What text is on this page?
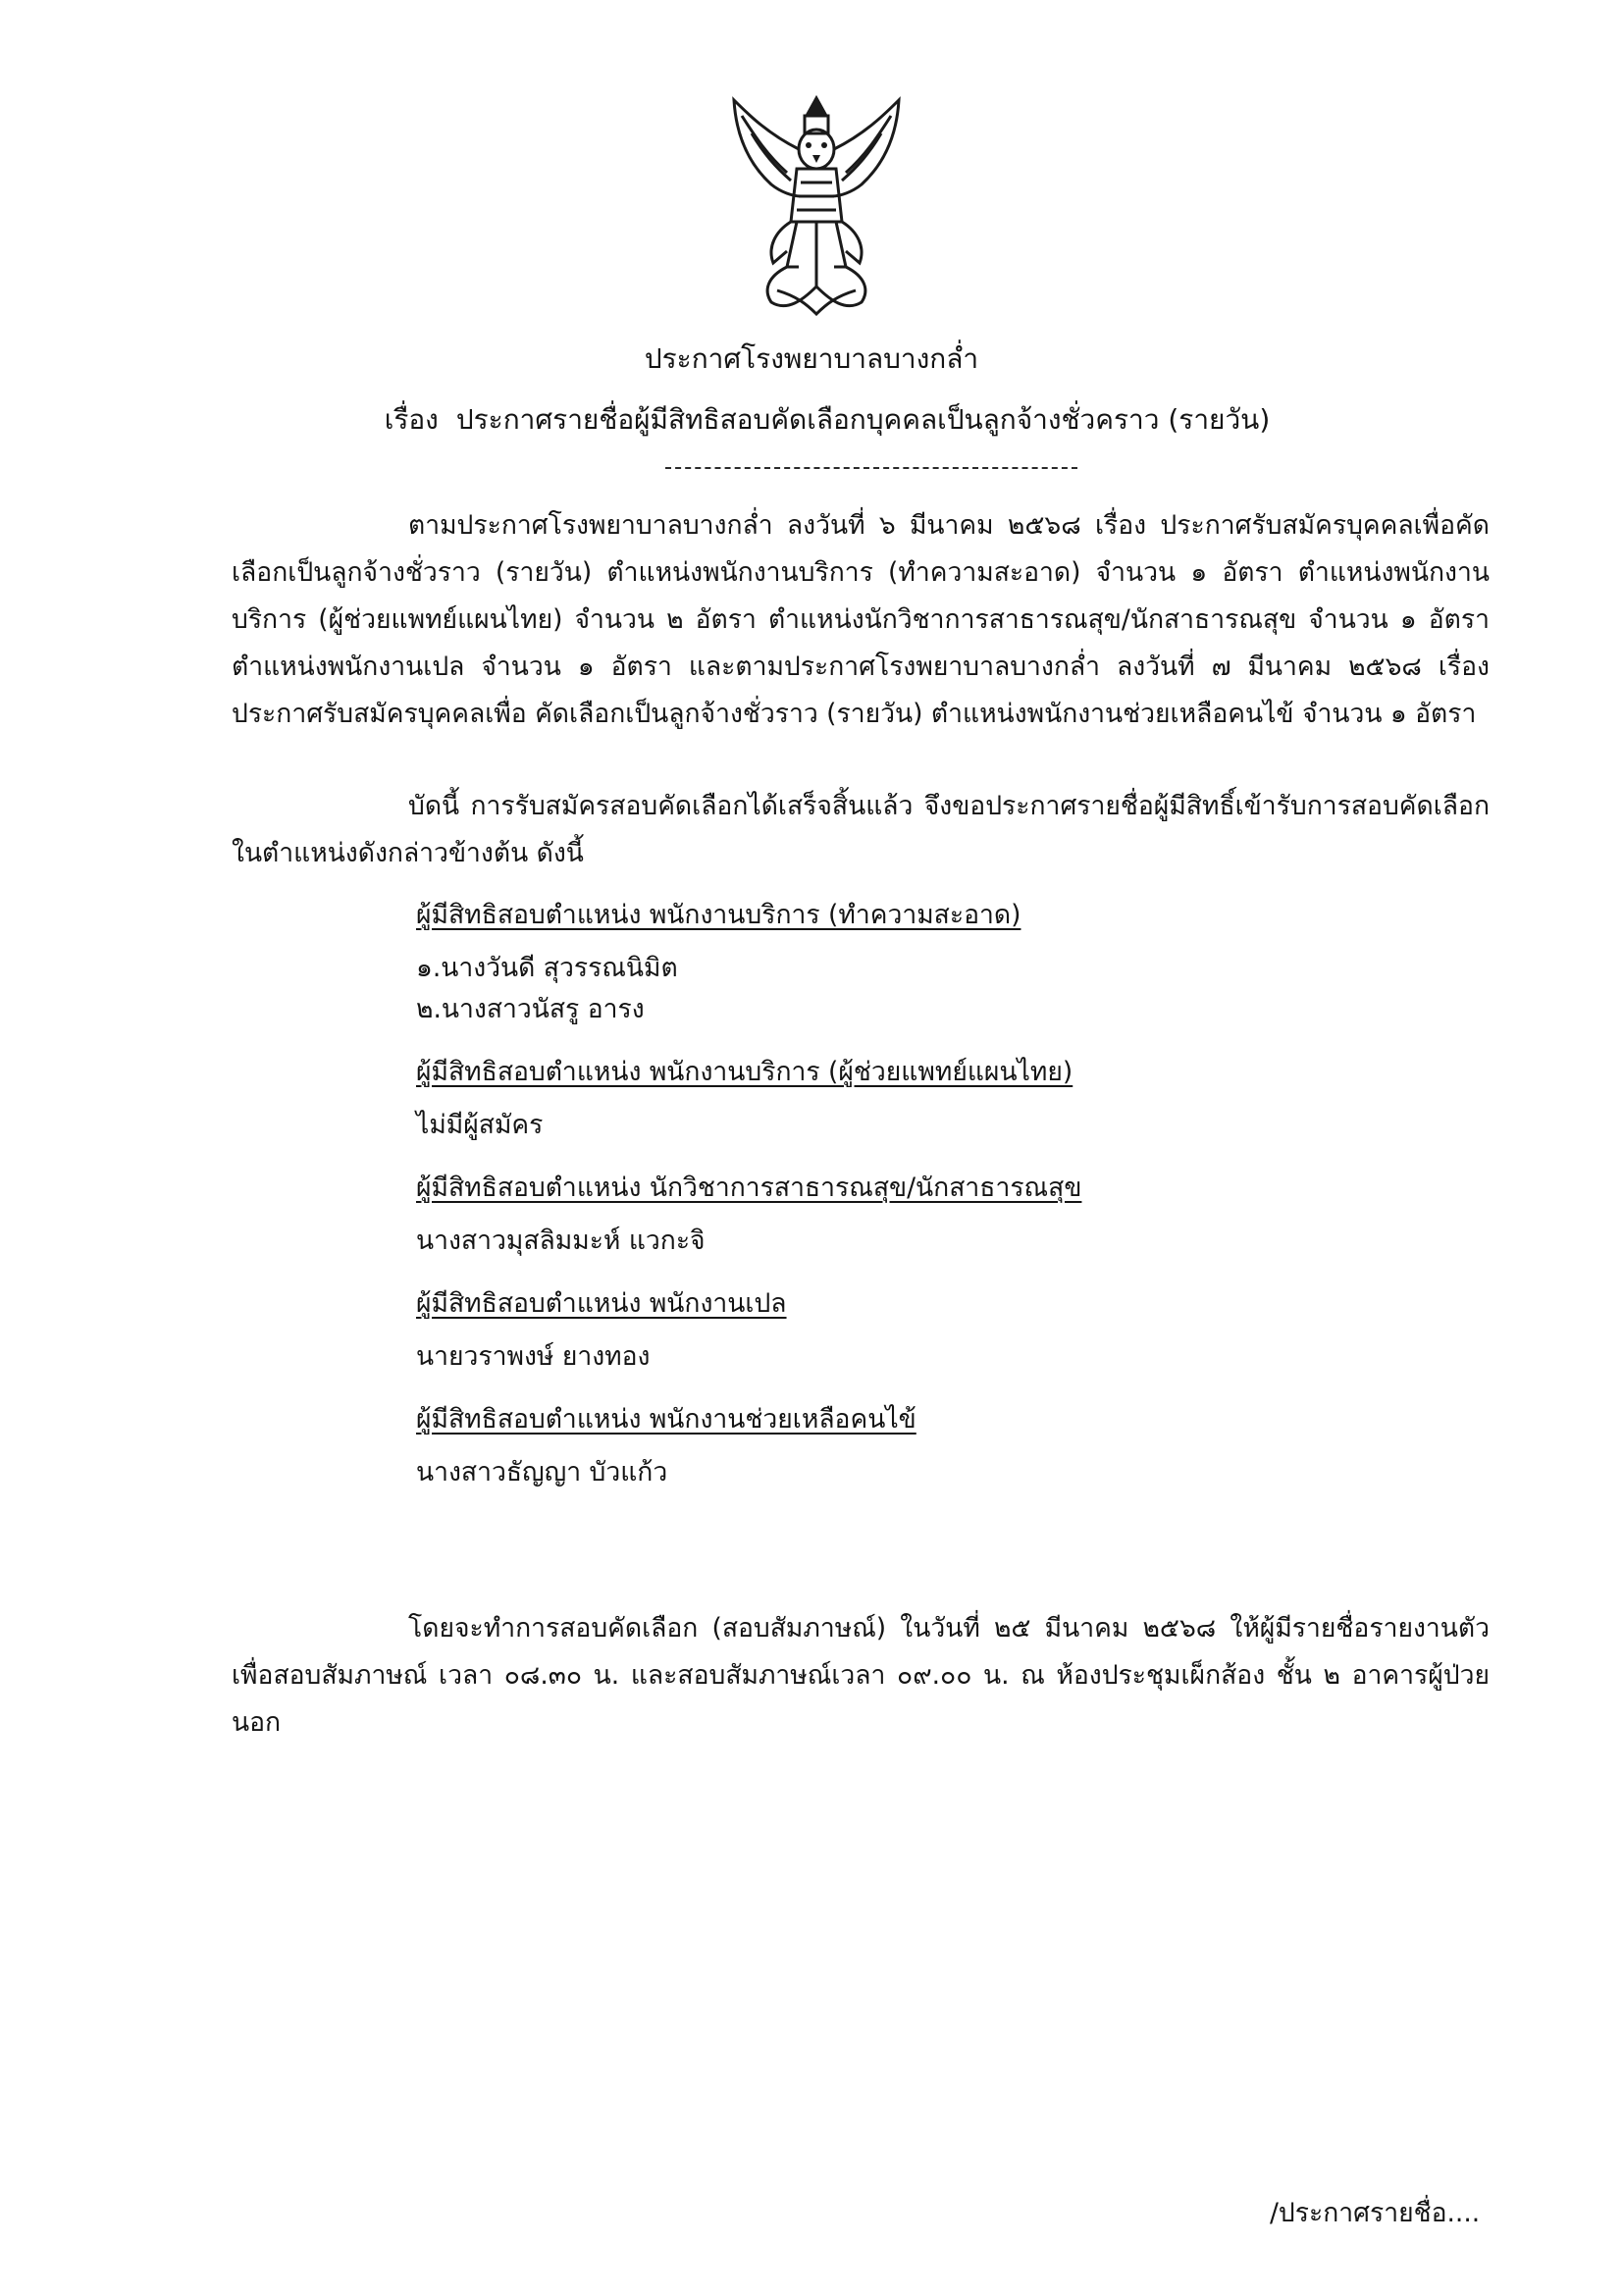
ประกาศโรงพยาบาลบางกล่ำ
เรื่อง ประกาศรายชื่อผู้มีสิทธิสอบคัดเลือกบุคคลเป็นลูกจ้างชั่วคราว (รายวัน)

ตามประกาศโรงพยาบาลบางกล่ำ ลงวันที่ ๖ มีนาคม ๒๕๖๘ เรื่อง ประกาศรับสมัครบุคคลเพื่อคัดเลือกเป็นลูกจ้างชั่วราว (รายวัน) ตำแหน่งพนักงานบริการ (ทำความสะอาด) จำนวน ๑ อัตรา ตำแหน่งพนักงานบริการ (ผู้ช่วยแพทย์แผนไทย) จำนวน ๒ อัตรา ตำแหน่งนักวิชาการสาธารณสุข/นักสาธารณสุข จำนวน ๑ อัตรา ตำแหน่งพนักงานเปล จำนวน ๑ อัตรา และตามประกาศโรงพยาบาลบางกล่ำ ลงวันที่ ๗ มีนาคม ๒๕๖๘ เรื่อง ประกาศรับสมัครบุคคลเพื่อ คัดเลือกเป็นลูกจ้างชั่วราว (รายวัน) ตำแหน่งพนักงานช่วยเหลือคนไข้ จำนวน ๑ อัตรา

บัดนี้ การรับสมัครสอบคัดเลือกได้เสร็จสิ้นแล้ว จึงขอประกาศรายชื่อผู้มีสิทธิ์เข้ารับการสอบคัดเลือก ในตำแหน่งดังกล่าวข้างต้น ดังนี้

ผู้มีสิทธิสอบตำแหน่ง พนักงานบริการ (ทำความสะอาด)
๑.นางวันดี สุวรรณนิมิต
๒.นางสาวนัสรู อารง
ผู้มีสิทธิสอบตำแหน่ง พนักงานบริการ (ผู้ช่วยแพทย์แผนไทย)
ไม่มีผู้สมัคร
ผู้มีสิทธิสอบตำแหน่ง นักวิชาการสาธารณสุข/นักสาธารณสุข
นางสาวมุสลิมมะห์ แวกะจิ
ผู้มีสิทธิสอบตำแหน่ง พนักงานเปล
นายวราพงษ์ ยางทอง
ผู้มีสิทธิสอบตำแหน่ง พนักงานช่วยเหลือคนไข้
นางสาวธัญญา บัวแก้ว

โดยจะทำการสอบคัดเลือก (สอบสัมภาษณ์) ในวันที่ ๒๕ มีนาคม ๒๕๖๘ ให้ผู้มีรายชื่อรายงานตัวเพื่อสอบสัมภาษณ์ เวลา ๐๘.๓๐ น. และสอบสัมภาษณ์เวลา ๐๙.๐๐ น. ณ ห้องประชุมเผ็กส้อง ชั้น ๒ อาคารผู้ป่วยนอก

/ประกาศรายชื่อ....
